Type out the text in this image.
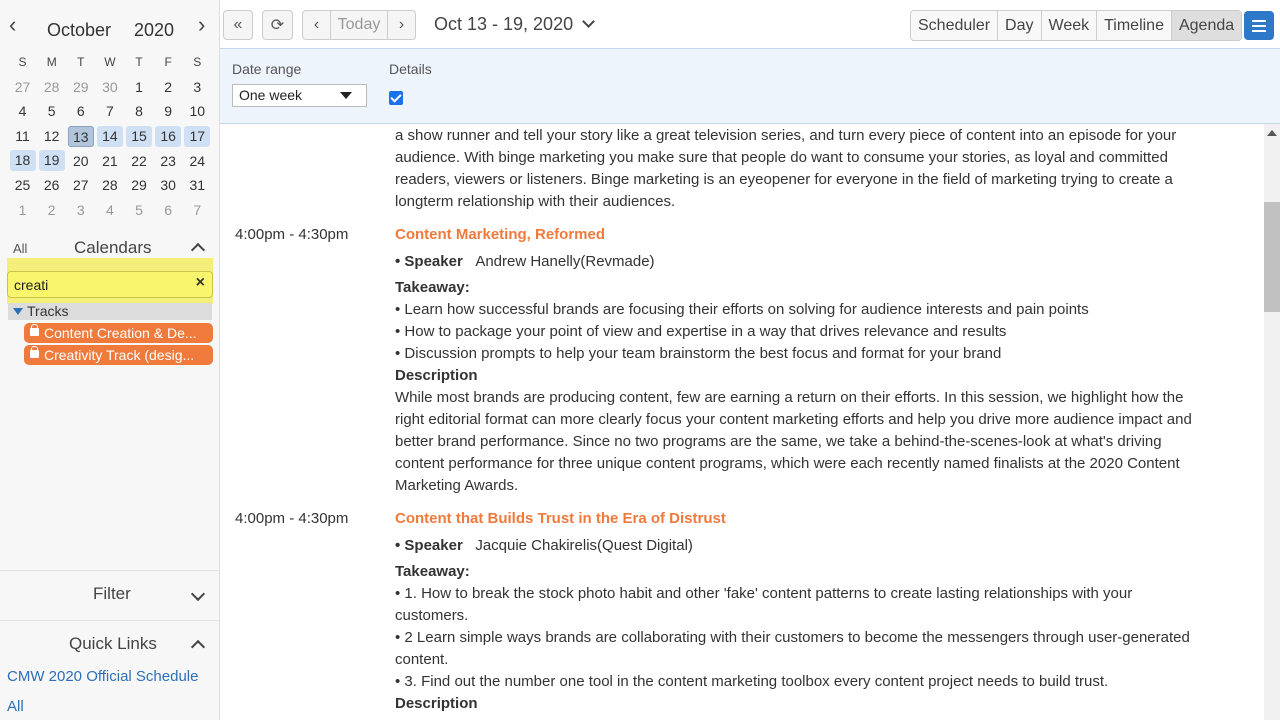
‹ October 2020 ›
S	M	T	W	T	F	S
27 28 29 30	1	2	3
4	5	6	7	8	9	10
11	12 13 14 15 16 17
18 19 20 21 22 23 24
25 26 27 28 29 30 31
1	2	3	4	5	6	7
All	Calendars
creati
×
Tracks
Content Creation & De...
Creativity Track (desig...
Filter
Quick Links
CMW 2020 Official Schedule
All
«	⟳	‹	Today	›	Oct 13 - 19, 2020	Scheduler Day Week Timeline Agenda
Date range
One week
Details
a show runner and tell your story like a great television series, and turn every piece of content into an episode for your
audience. With binge marketing you make sure that people do want to consume your stories, as loyal and committed
readers, viewers or listeners. Binge marketing is an eyeopener for everyone in the field of marketing trying to create a
longterm relationship with their audiences.
4:00pm - 4:30pm	Content Marketing, Reformed
• Speaker Andrew Hanelly(Revmade)
Takeaway:
• Learn how successful brands are focusing their efforts on solving for audience interests and pain points
• How to package your point of view and expertise in a way that drives relevance and results
• Discussion prompts to help your team brainstorm the best focus and format for your brand
Description
While most brands are producing content, few are earning a return on their efforts. In this session, we highlight how the
right editorial format can more clearly focus your content marketing efforts and help you drive more audience impact and
better brand performance. Since no two programs are the same, we take a behind-the-scenes-look at what's driving
content performance for three unique content programs, which were each recently named finalists at the 2020 Content
Marketing Awards.
4:00pm - 4:30pm	Content that Builds Trust in the Era of Distrust
• Speaker Jacquie Chakirelis(Quest Digital)
Takeaway:
• 1. How to break the stock photo habit and other 'fake' content patterns to create lasting relationships with your
customers.
• 2 Learn simple ways brands are collaborating with their customers to become the messengers through user-generated
content.
• 3. Find out the number one tool in the content marketing toolbox every content project needs to build trust.
Description
